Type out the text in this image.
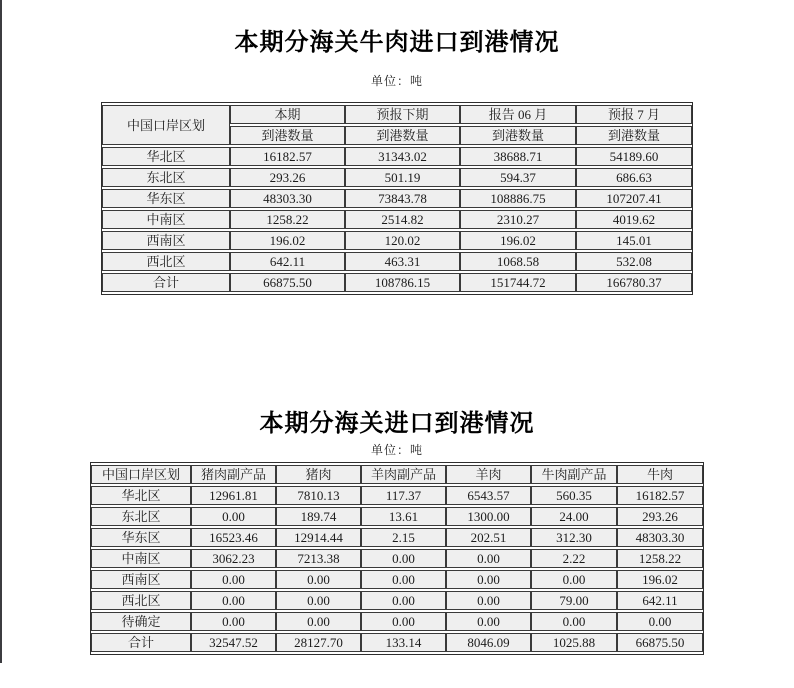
本期分海关牛肉进口到港情况
单位：吨
中国口岸区划	本期	预报下期	报告 06 月	预报 7 月
	到港数量	到港数量	到港数量	到港数量
华北区	16182.57	31343.02	38688.71	54189.60
东北区	293.26	501.19	594.37	686.63
华东区	48303.30	73843.78	108886.75	107207.41
中南区	1258.22	2514.82	2310.27	4019.62
西南区	196.02	120.02	196.02	145.01
西北区	642.11	463.31	1068.58	532.08
合计	66875.50	108786.15	151744.72	166780.37
本期分海关进口到港情况
单位：吨
中国口岸区划	猪肉副产品	猪肉	羊肉副产品	羊肉	牛肉副产品	牛肉
华北区	12961.81	7810.13	117.37	6543.57	560.35	16182.57
东北区	0.00	189.74	13.61	1300.00	24.00	293.26
华东区	16523.46	12914.44	2.15	202.51	312.30	48303.30
中南区	3062.23	7213.38	0.00	0.00	2.22	1258.22
西南区	0.00	0.00	0.00	0.00	0.00	196.02
西北区	0.00	0.00	0.00	0.00	79.00	642.11
待确定	0.00	0.00	0.00	0.00	0.00	0.00
合计	32547.52	28127.70	133.14	8046.09	1025.88	66875.50
